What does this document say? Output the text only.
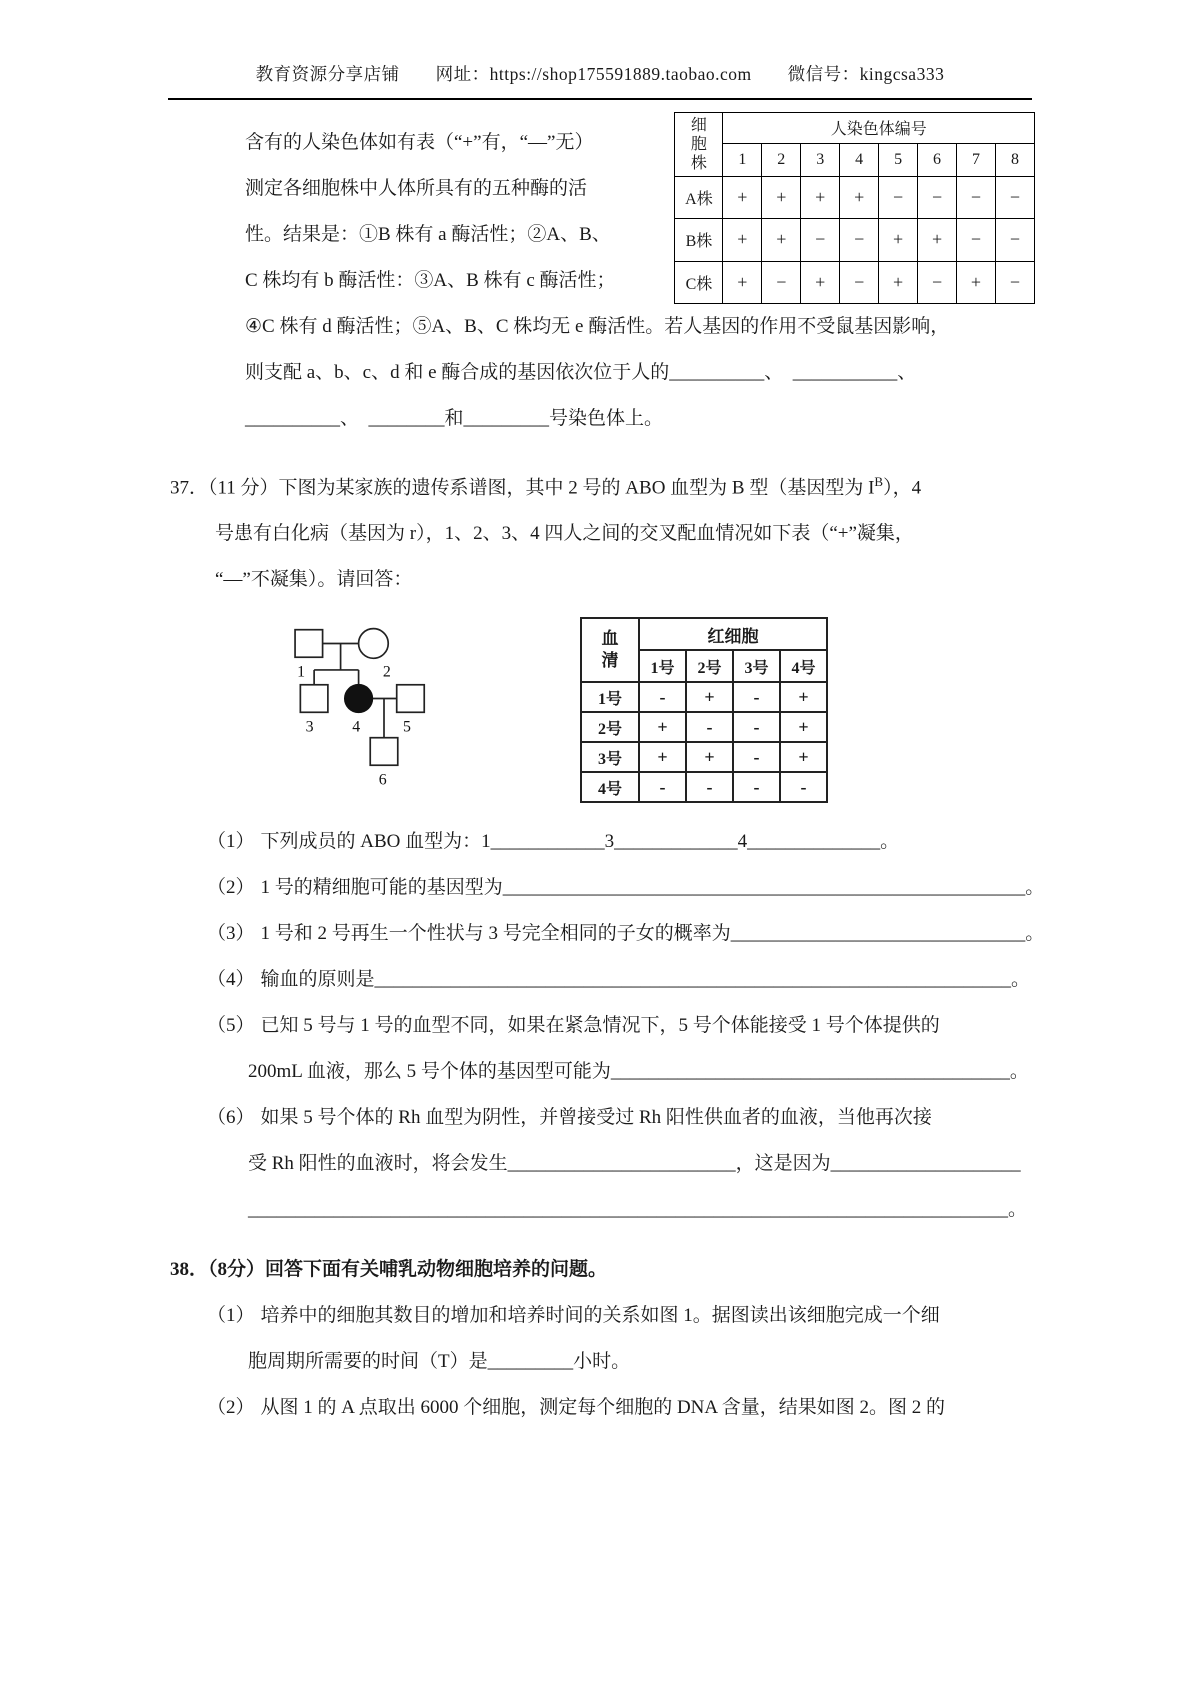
教育资源分享店铺　　网址：https://shop175591889.taobao.com　　微信号：kingcsa333
含有的人染色体如有表（“+”有，“—”无）
测定各细胞株中人体所具有的五种酶的活
性。结果是：①B 株有 a 酶活性；②A、B、
C 株均有 b 酶活性：③A、B 株有 c 酶活性；
细胞株	人染色体编号							
	1	2	3	4	5	6	7	8
A株	+	+	+	+	−	−	−	−
B株	+	+	−	−	+	+	−	−
C株	+	−	+	−	+	−	+	−
④C 株有 d 酶活性；⑤A、B、C 株均无 e 酶活性。若人基因的作用不受鼠基因影响，
则支配 a、b、c、d 和 e 酶合成的基因依次位于人的__________、　___________、
__________、　________和_________号染色体上。
37．（11 分）下图为某家族的遗传系谱图，其中 2 号的 ABO 血型为 B 型（基因型为 $I^B$），4
号患有白化病（基因为 r），1、2、3、4 四人之间的交叉配血情况如下表（“+”凝集，
“—”不凝集）。请回答：
1	2
3	4	5
6
血清	红细胞			
	1号	2号	3号	4号
1号	-	+	-	+
2号	+	-	-	+
3号	+	+	-	+
4号	-	-	-	-
（1） 下列成员的 ABO 血型为：1____________3_____________4______________。
（2） 1 号的精细胞可能的基因型为_______________________________________________________。
（3） 1 号和 2 号再生一个性状与 3 号完全相同的子女的概率为_______________________________。
（4） 输血的原则是___________________________________________________________________。
（5） 已知 5 号与 1 号的血型不同，如果在紧急情况下，5 号个体能接受 1 号个体提供的
200mL 血液，那么 5 号个体的基因型可能为__________________________________________。
（6） 如果 5 号个体的 Rh 血型为阴性，并曾接受过 Rh 阳性供血者的血液，当他再次接
受 Rh 阳性的血液时，将会发生________________________，这是因为____________________
________________________________________________________________________________。
38．（8分）回答下面有关哺乳动物细胞培养的问题。
（1） 培养中的细胞其数目的增加和培养时间的关系如图 1。据图读出该细胞完成一个细
胞周期所需要的时间（T）是_________小时。
（2） 从图 1 的 A 点取出 6000 个细胞，测定每个细胞的 DNA 含量，结果如图 2。图 2 的
